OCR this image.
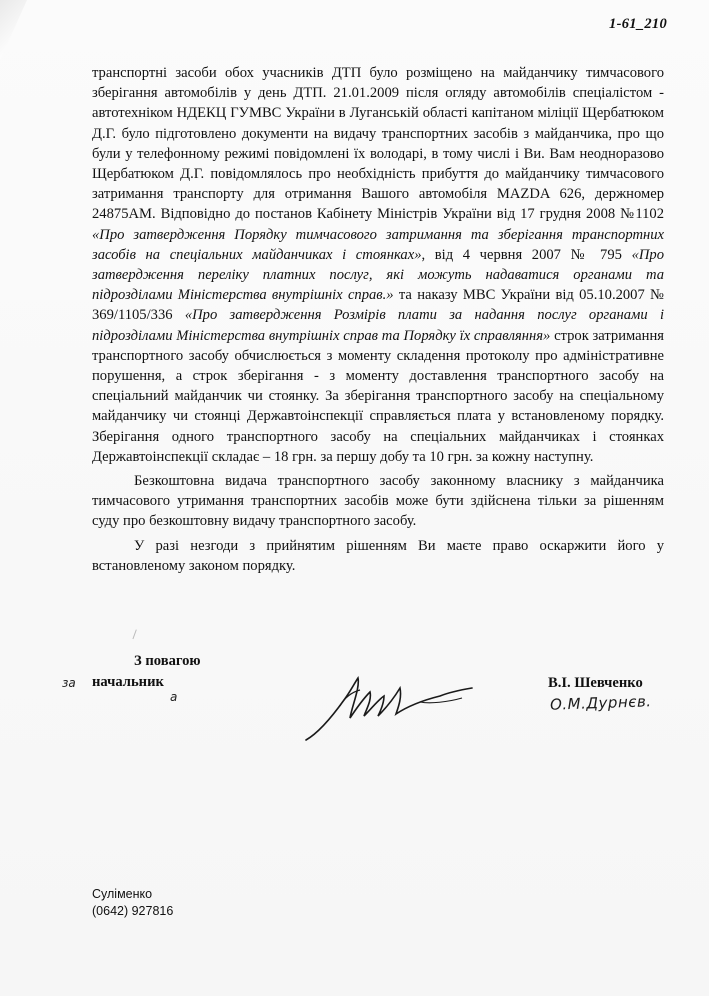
1-61_210

транспортні засоби обох учасників ДТП було розміщено на майданчику тимчасового зберігання автомобілів у день ДТП. 21.01.2009 після огляду автомобілів спеціалістом - автотехніком НДЕКЦ ГУМВС України в Луганській області капітаном міліції Щербатюком Д.Г. було підготовлено документи на видачу транспортних засобів з майданчика, про що були у телефонному режимі повідомлені їх володарі, в тому числі і Ви. Вам неодноразово Щербатюком Д.Г. повідомлялось про необхідність прибуття до майданчику тимчасового затримання транспорту для отримання Вашого автомобіля MAZDA 626, держномер 24875AM. Відповідно до постанов Кабінету Міністрів України від 17 грудня 2008 №1102 «Про затвердження Порядку тимчасового затримання та зберігання транспортних засобів на спеціальних майданчиках і стоянках», від 4 червня 2007 № 795 «Про затвердження переліку платних послуг, які можуть надаватися органами та підрозділами Міністерства внутрішніх справ.» та наказу МВС України від 05.10.2007 № 369/1105/336 «Про затвердження Розмірів плати за надання послуг органами і підрозділами Міністерства внутрішніх справ та Порядку їх справляння» строк затримання транспортного засобу обчислюється з моменту складення протоколу про адміністративне порушення, а строк зберігання - з моменту доставлення транспортного засобу на спеціальний майданчик чи стоянку. За зберігання транспортного засобу на спеціальному майданчику чи стоянці Державтоінспекції справляється плата у встановленому порядку. Зберігання одного транспортного засобу на спеціальних майданчиках і стоянках Державтоінспекції складає – 18 грн. за першу добу та 10 грн. за кожну наступну.

Безкоштовна видача транспортного засобу законному власнику з майданчика тимчасового утримання транспортних засобів може бути здійснена тільки за рішенням суду про безкоштовну видачу транспортного засобу.

У разі незгоди з прийнятим рішенням Ви маєте право оскаржити його у встановленому законом порядку.

З повагою
за начальник
а
В.І. Шевченко
О.М.Дурнєв.
Суліменко
(0642) 927816
